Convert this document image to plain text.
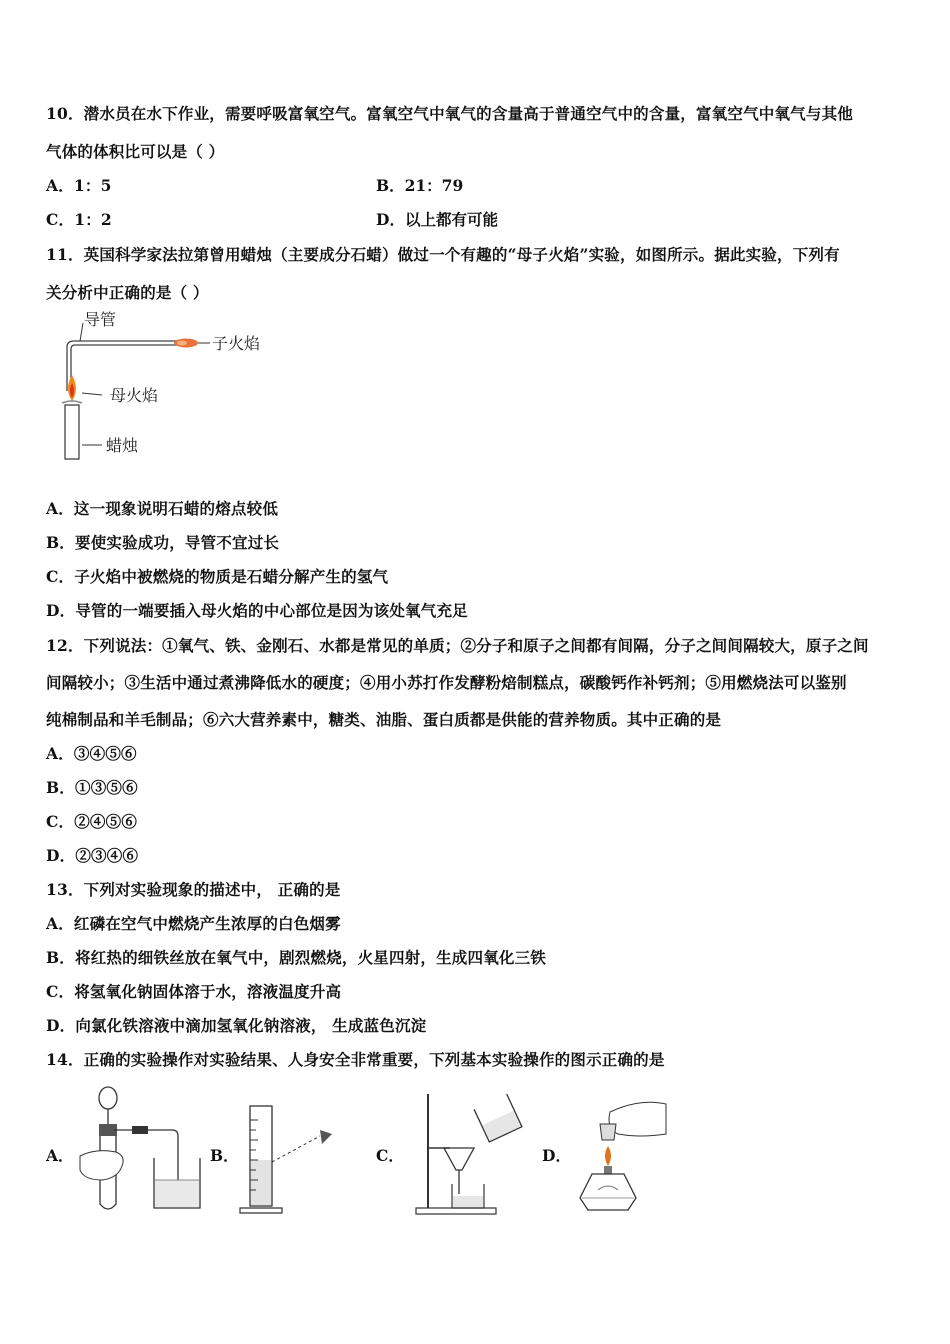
10．潜水员在水下作业，需要呼吸富氧空气。富氧空气中氧气的含量高于普通空气中的含量，富氧空气中氧气与其他
气体的体积比可以是（ ）
A．1：5	B．21：79
C．1：2	D．以上都有可能
11．英国科学家法拉第曾用蜡烛（主要成分石蜡）做过一个有趣的“母子火焰”实验，如图所示。据此实验，下列有
关分析中正确的是（ ）
导管
子火焰
母火焰
蜡烛
A．这一现象说明石蜡的熔点较低
B．要使实验成功，导管不宜过长
C．子火焰中被燃烧的物质是石蜡分解产生的氢气
D．导管的一端要插入母火焰的中心部位是因为该处氧气充足
12．下列说法：①氧气、铁、金刚石、水都是常见的单质；②分子和原子之间都有间隔，分子之间间隔较大，原子之间
间隔较小；③生活中通过煮沸降低水的硬度；④用小苏打作发酵粉焙制糕点，碳酸钙作补钙剂；⑤用燃烧法可以鉴别
纯棉制品和羊毛制品；⑥六大营养素中，糖类、油脂、蛋白质都是供能的营养物质。其中正确的是
A．③④⑤⑥
B．①③⑤⑥
C．②④⑤⑥
D．②③④⑥
13．下列对实验现象的描述中， 正确的是
A．红磷在空气中燃烧产生浓厚的白色烟雾
B．将红热的细铁丝放在氧气中，剧烈燃烧，火星四射，生成四氧化三铁
C．将氢氧化钠固体溶于水，溶液温度升高
D．向氯化铁溶液中滴加氢氧化钠溶液， 生成蓝色沉淀
14．正确的实验操作对实验结果、人身安全非常重要，下列基本实验操作的图示正确的是
A．	B．	C．	D．
